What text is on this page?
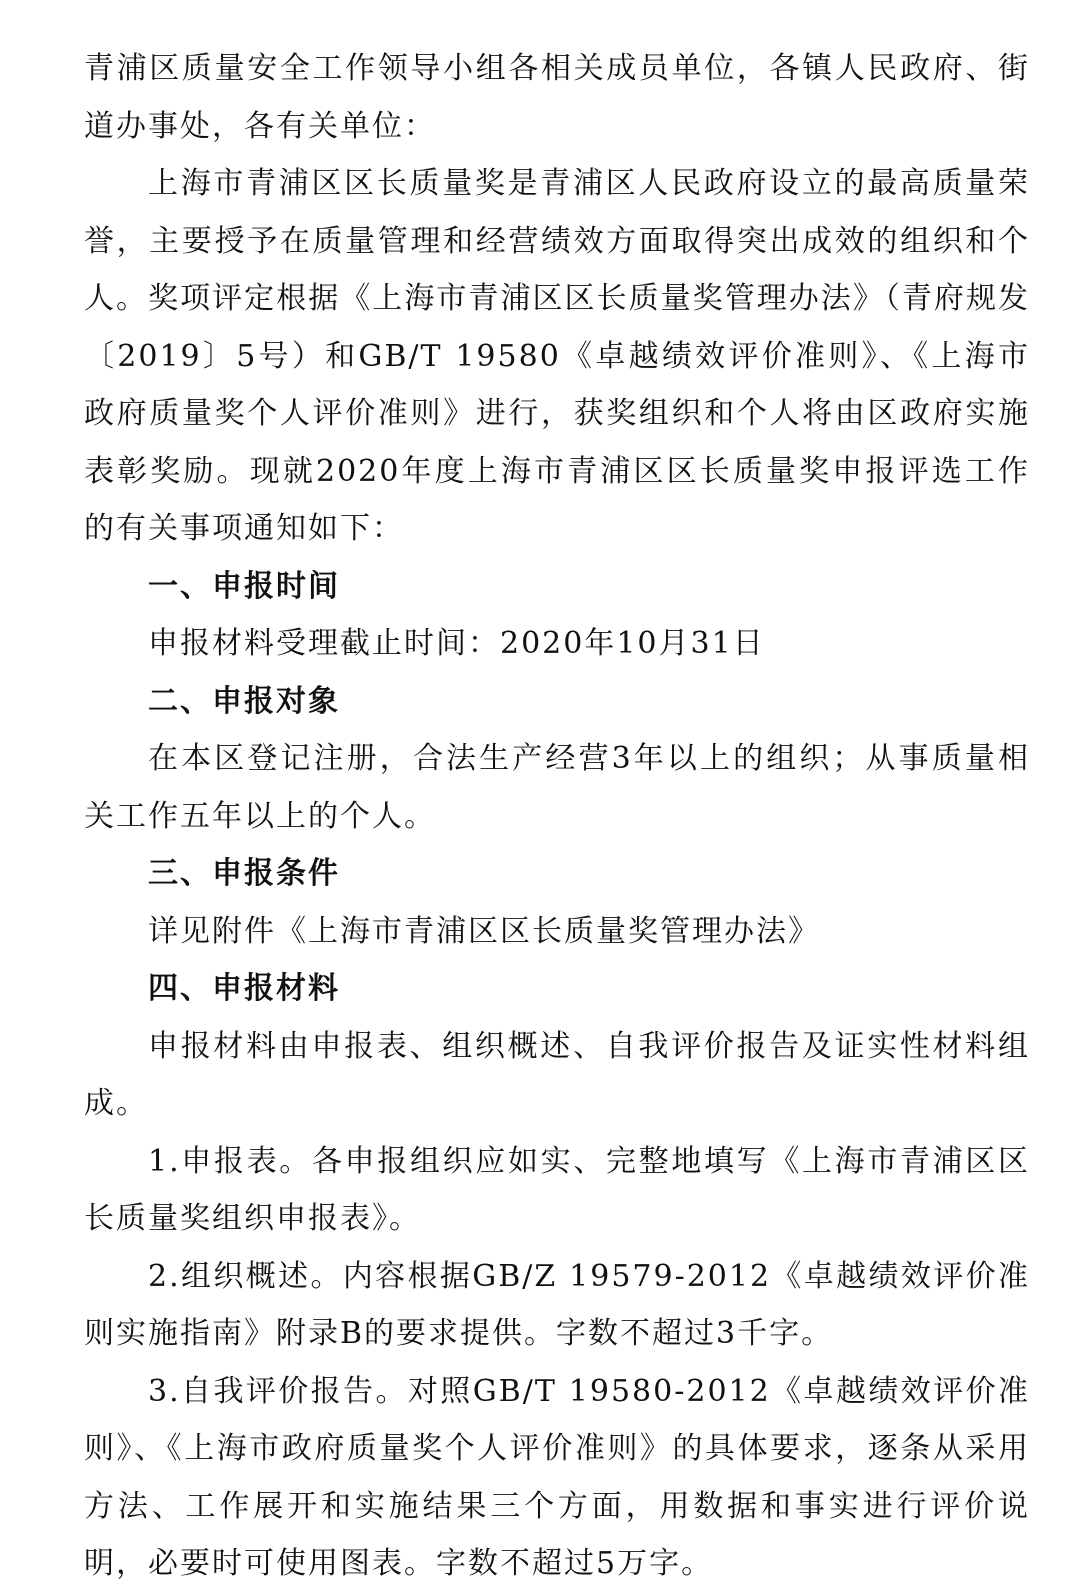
青浦区质量安全工作领导小组各相关成员单位，各镇人民政府、街道办事处，各有关单位：

上海市青浦区区长质量奖是青浦区人民政府设立的最高质量荣誉，主要授予在质量管理和经营绩效方面取得突出成效的组织和个人。奖项评定根据《上海市青浦区区长质量奖管理办法》（青府规发〔2019〕5号）和GB/T 19580《卓越绩效评价准则》、《上海市政府质量奖个人评价准则》进行，获奖组织和个人将由区政府实施表彰奖励。现就2020年度上海市青浦区区长质量奖申报评选工作的有关事项通知如下：

一、申报时间

申报材料受理截止时间：2020年10月31日

二、申报对象

在本区登记注册，合法生产经营3年以上的组织；从事质量相关工作五年以上的个人。

三、申报条件

详见附件《上海市青浦区区长质量奖管理办法》

四、申报材料

申报材料由申报表、组织概述、自我评价报告及证实性材料组成。

1.申报表。各申报组织应如实、完整地填写《上海市青浦区区长质量奖组织申报表》。

2.组织概述。内容根据GB/Z 19579-2012《卓越绩效评价准则实施指南》附录B的要求提供。字数不超过3千字。

3.自我评价报告。对照GB/T 19580-2012《卓越绩效评价准则》、《上海市政府质量奖个人评价准则》的具体要求，逐条从采用方法、工作展开和实施结果三个方面，用数据和事实进行评价说明，必要时可使用图表。字数不超过5万字。
